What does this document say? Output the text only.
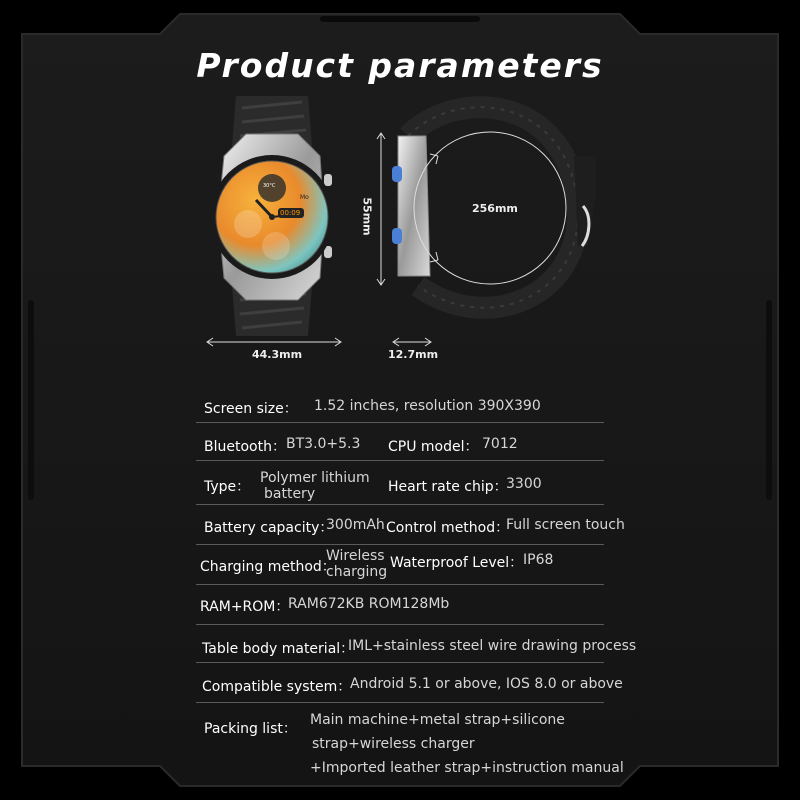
Product parameters
30°C
00:09
Mo
256mm
55mm
44.3mm	12.7mm
Screen size： 1.52 inches, resolution 390X390
Bluetooth： BT3.0+5.3 CPU model： 7012
Type：
Polymer lithium
battery	Heart rate chip：
3300
Battery capacity：
300mAh Control method：
Full screen touch
Charging method：
Wireless
charging
Waterproof Level： IP68
RAM+ROM：
RAM672KB ROM128Mb
Table body material：
IML+stainless steel wire drawing process
Compatible system：
Android 5.1 or above, IOS 8.0 or above
Packing list：
Main machine+metal strap+silicone
strap+wireless charger
+Imported leather strap+instruction manual
